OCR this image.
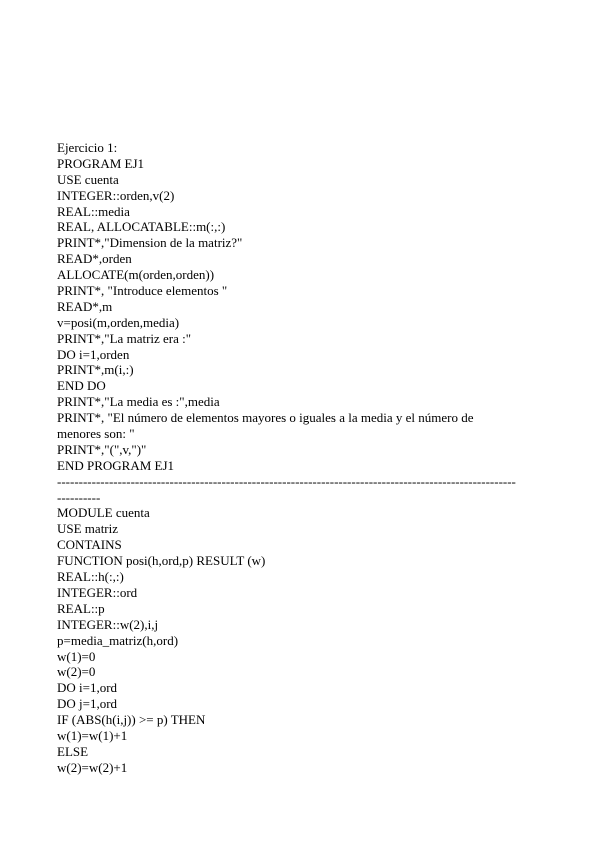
Ejercicio 1:
PROGRAM EJ1
USE cuenta
INTEGER::orden,v(2)
REAL::media
REAL, ALLOCATABLE::m(:,:)
PRINT*,"Dimension de la matriz?"
READ*,orden
ALLOCATE(m(orden,orden))
PRINT*, "Introduce elementos "
READ*,m
v=posi(m,orden,media)
PRINT*,"La matriz era :"
DO i=1,orden
PRINT*,m(i,:)
END DO
PRINT*,"La media es :",media
PRINT*, "El número de elementos mayores o iguales a la media y el número de
menores son: "
PRINT*,"(",v,")"
END PROGRAM EJ1
----------------------------------------------------------------------------------------------------------
----------
MODULE cuenta
USE matriz
CONTAINS
FUNCTION posi(h,ord,p) RESULT (w)
REAL::h(:,:)
INTEGER::ord
REAL::p
INTEGER::w(2),i,j
p=media_matriz(h,ord)
w(1)=0
w(2)=0
DO i=1,ord
DO j=1,ord
IF (ABS(h(i,j)) >= p) THEN
w(1)=w(1)+1
ELSE
w(2)=w(2)+1
